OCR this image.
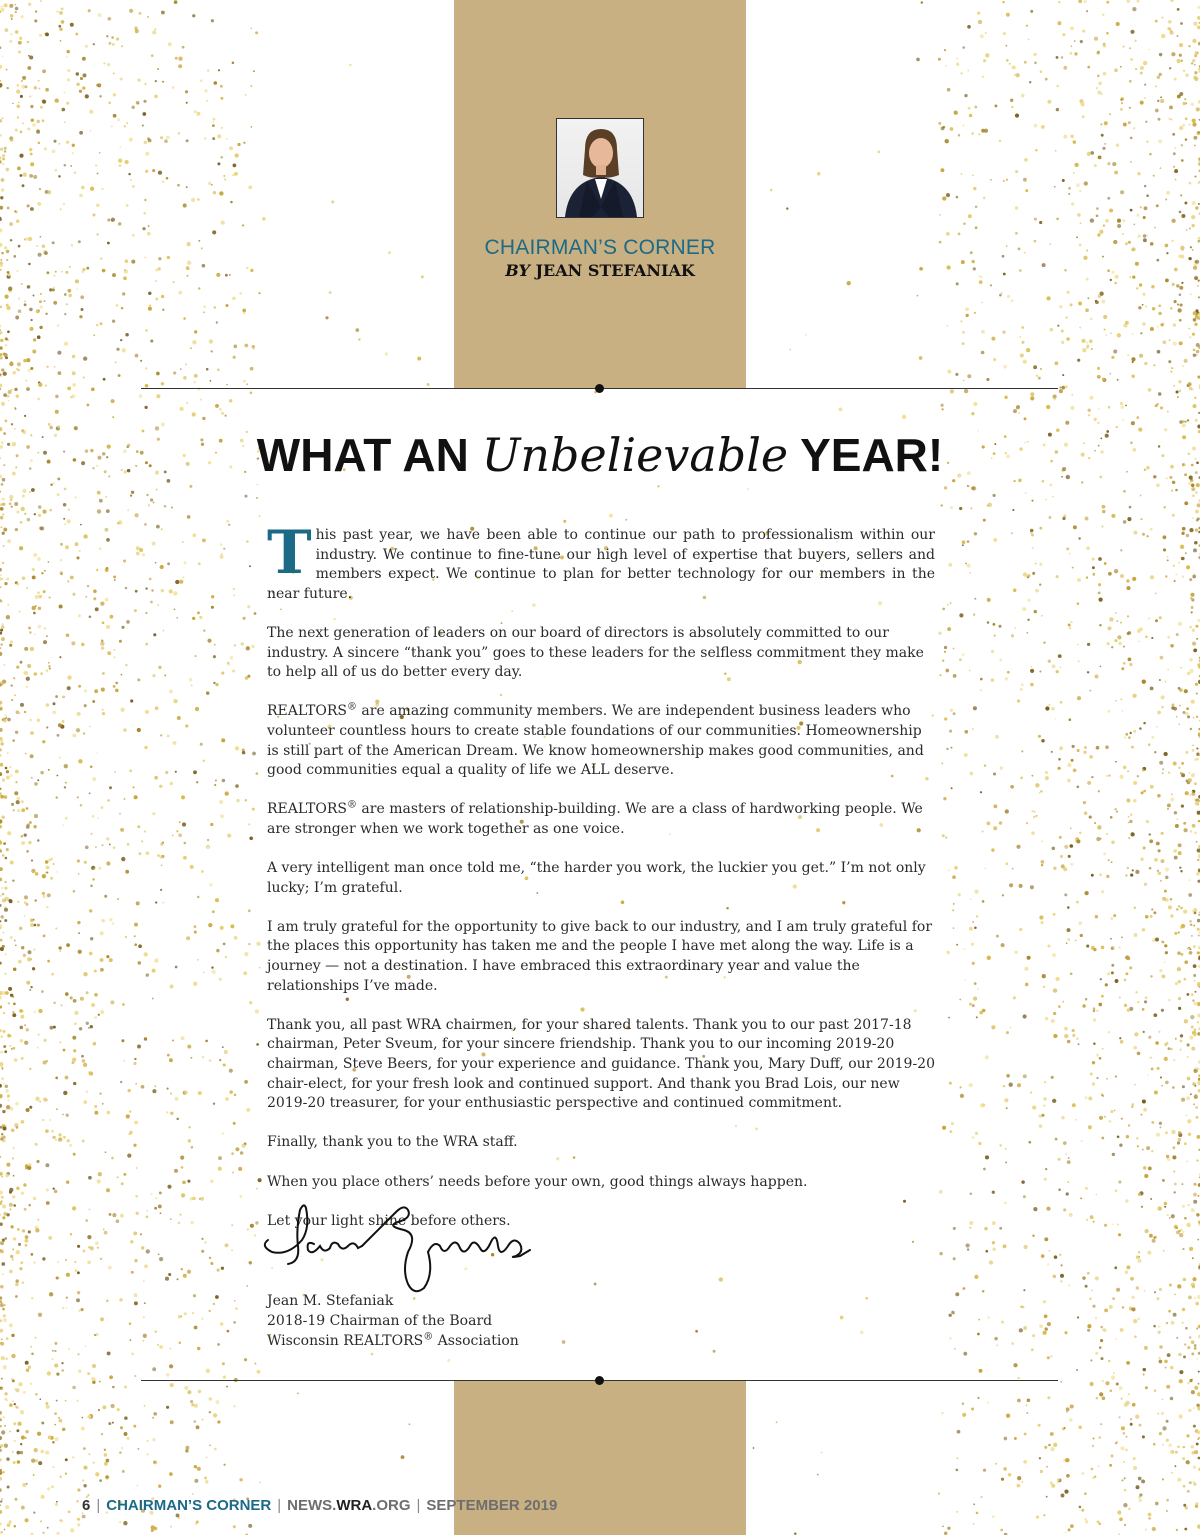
CHAIRMAN’S CORNER
BY JEAN STEFANIAK
WHAT AN Unbelievable YEAR!

This past year, we have been able to continue our path to professionalism within our industry. We continue to fine-tune our high level of expertise that buyers, sellers and members expect. We continue to plan for better technology for our members in the near future.

The next generation of leaders on our board of directors is absolutely committed to our industry. A sincere “thank you” goes to these leaders for the selfless commitment they make to help all of us do better every day.

REALTORS® are amazing community members. We are independent business leaders who volunteer countless hours to create stable foundations of our communities. Homeownership is still part of the American Dream. We know homeownership makes good communities, and good communities equal a quality of life we ALL deserve.

REALTORS® are masters of relationship-building. We are a class of hardworking people. We are stronger when we work together as one voice.

A very intelligent man once told me, “the harder you work, the luckier you get.” I’m not only lucky; I’m grateful.

I am truly grateful for the opportunity to give back to our industry, and I am truly grateful for the places this opportunity has taken me and the people I have met along the way. Life is a journey — not a destination. I have embraced this extraordinary year and value the relationships I’ve made.

Thank you, all past WRA chairmen, for your shared talents. Thank you to our past 2017-18 chairman, Peter Sveum, for your sincere friendship. Thank you to our incoming 2019-20 chairman, Steve Beers, for your experience and guidance. Thank you, Mary Duff, our 2019-20 chair-elect, for your fresh look and continued support. And thank you Brad Lois, our new 2019-20 treasurer, for your enthusiastic perspective and continued commitment.

Finally, thank you to the WRA staff.

When you place others’ needs before your own, good things always happen.

Let your light shine before others.

Jean M. Stefaniak
2018-19 Chairman of the Board
Wisconsin REALTORS® Association
6 | CHAIRMAN’S CORNER | NEWS.WRA.ORG | SEPTEMBER 2019
